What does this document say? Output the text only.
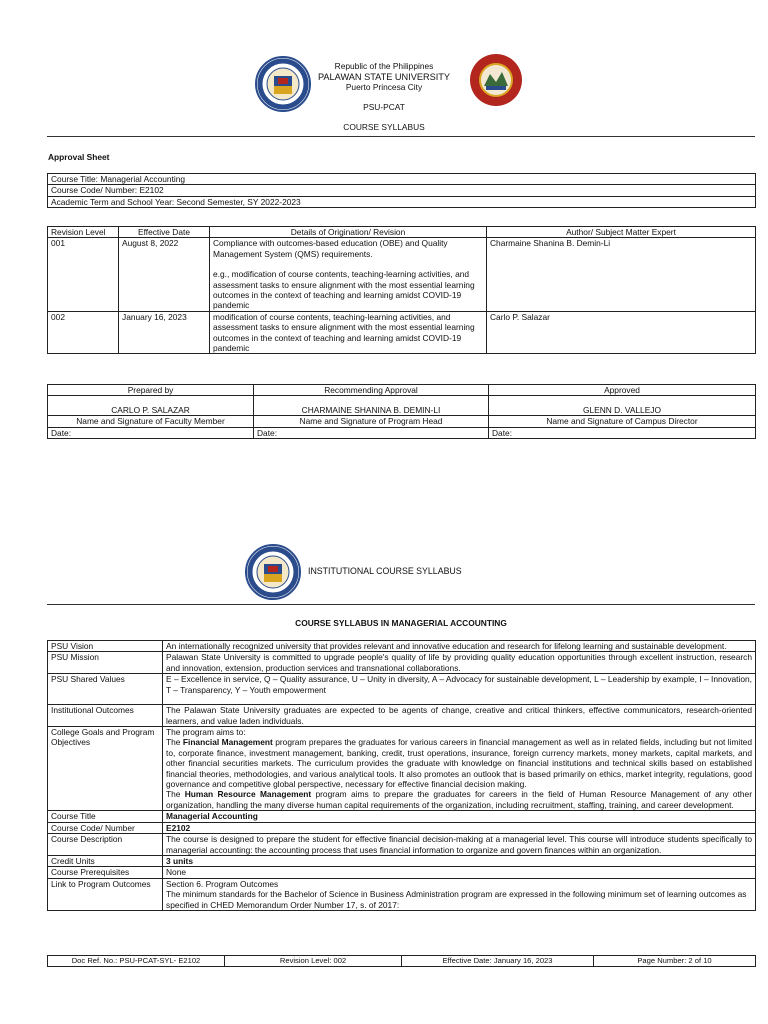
Republic of the Philippines
PALAWAN STATE UNIVERSITY
Puerto Princesa City
PSU-PCAT
COURSE SYLLABUS
Approval Sheet
Course Title: Managerial Accounting
Course Code/ Number: E2102
Academic Term and School Year: Second Semester, SY 2022-2023
Revision Level	Effective Date	Details of Origination/ Revision	Author/ Subject Matter Expert
001	August 8, 2022	Compliance with outcomes-based education (OBE) and Quality Management System (QMS) requirements.
e.g., modification of course contents, teaching-learning activities, and assessment tasks to ensure alignment with the most essential learning outcomes in the context of teaching and learning amidst COVID-19 pandemic	Charmaine Shanina B. Demin-Li
002	January 16, 2023	modification of course contents, teaching-learning activities, and assessment tasks to ensure alignment with the most essential learning outcomes in the context of teaching and learning amidst COVID-19 pandemic	Carlo P. Salazar
Prepared by	Recommending Approval	Approved
CARLO P. SALAZAR	CHARMAINE SHANINA B. DEMIN-LI	GLENN D. VALLEJO
Name and Signature of Faculty Member	Name and Signature of Program Head	Name and Signature of Campus Director
Date:	Date:	Date:
INSTITUTIONAL COURSE SYLLABUS
COURSE SYLLABUS IN MANAGERIAL ACCOUNTING
PSU Vision	An internationally recognized university that provides relevant and innovative education and research for lifelong learning and sustainable development.
PSU Mission	Palawan State University is committed to upgrade people's quality of life by providing quality education opportunities through excellent instruction, research and innovation, extension, production services and transnational collaborations.
PSU Shared Values	E – Excellence in service, Q – Quality assurance, U – Unity in diversity, A – Advocacy for sustainable development, L – Leadership by example, I – Innovation, T – Transparency, Y – Youth empowerment
Institutional Outcomes	The Palawan State University graduates are expected to be agents of change, creative and critical thinkers, effective communicators, research-oriented learners, and value laden individuals.
College Goals and Program Objectives	The program aims to:
The Financial Management program prepares the graduates for various careers in financial management as well as in related fields, including but not limited to, corporate finance, investment management, banking, credit, trust operations, insurance, foreign currency markets, money markets, capital markets, and other financial securities markets. The curriculum provides the graduate with knowledge on financial institutions and technical skills based on established financial theories, methodologies, and various analytical tools. It also promotes an outlook that is based primarily on ethics, market integrity, regulations, good governance and competitive global perspective, necessary for effective financial decision making.
The Human Resource Management program aims to prepare the graduates for careers in the field of Human Resource Management of any other organization, handling the many diverse human capital requirements of the organization, including recruitment, staffing, training, and career development.

Course Title	Managerial Accounting
Course Code/ Number	E2102
Course Description	The course is designed to prepare the student for effective financial decision-making at a managerial level. This course will introduce students specifically to managerial accounting: the accounting process that uses financial information to organize and govern finances within an organization.
Credit Units	3 units
Course Prerequisites	None
Link to Program Outcomes	Section 6. Program Outcomes
The minimum standards for the Bachelor of Science in Business Administration program are expressed in the following minimum set of learning outcomes as specified in CHED Memorandum Order Number 17, s. of 2017:
Doc Ref. No.: PSU-PCAT-SYL- E2102	Revision Level: 002	Effective Date: January 16, 2023	Page Number: 2 of 10
